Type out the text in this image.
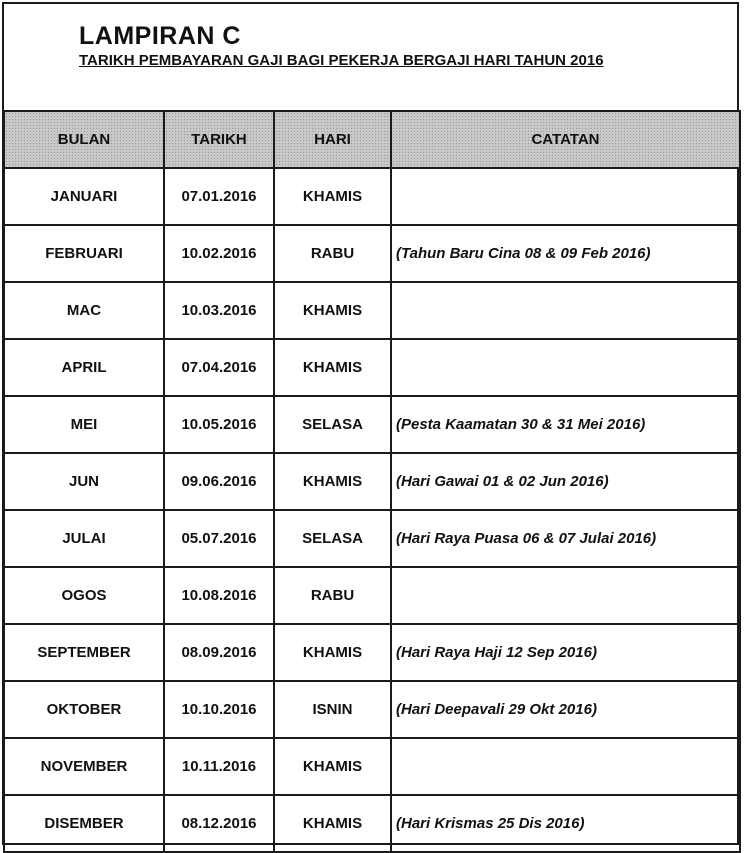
LAMPIRAN C
TARIKH PEMBAYARAN GAJI BAGI PEKERJA BERGAJI HARI TAHUN 2016
BULAN	TARIKH	HARI	CATATAN
JANUARI	07.01.2016	KHAMIS	
FEBRUARI	10.02.2016	RABU	(Tahun Baru Cina 08 & 09 Feb 2016)
MAC	10.03.2016	KHAMIS	
APRIL	07.04.2016	KHAMIS	
MEI	10.05.2016	SELASA	(Pesta Kaamatan 30 & 31 Mei 2016)
JUN	09.06.2016	KHAMIS	(Hari Gawai 01 & 02 Jun 2016)
JULAI	05.07.2016	SELASA	(Hari Raya Puasa 06 & 07 Julai 2016)
OGOS	10.08.2016	RABU	
SEPTEMBER	08.09.2016	KHAMIS	(Hari Raya Haji 12 Sep 2016)
OKTOBER	10.10.2016	ISNIN	(Hari Deepavali 29 Okt 2016)
NOVEMBER	10.11.2016	KHAMIS	
DISEMBER	08.12.2016	KHAMIS	(Hari Krismas 25 Dis 2016)
